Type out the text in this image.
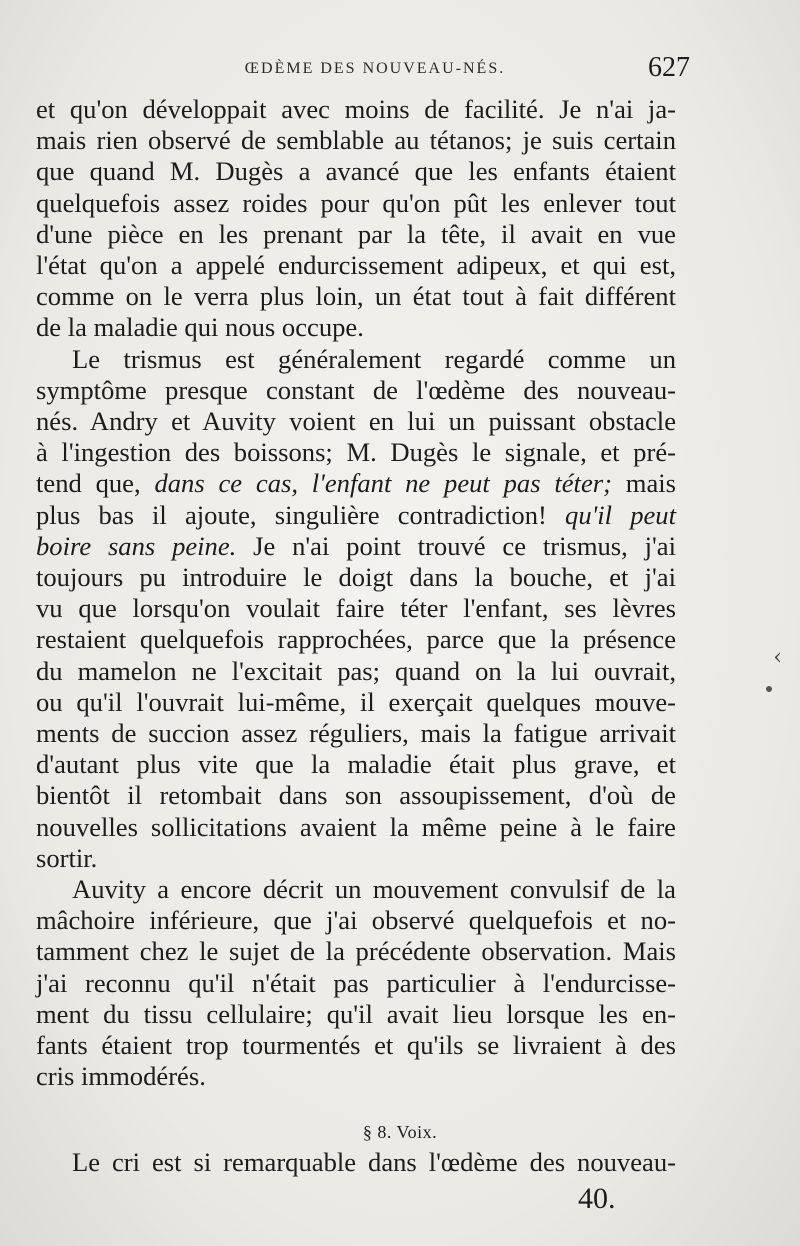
ŒDÈME DES NOUVEAU-NÉS.	627
et qu'on développait avec moins de facilité. Je n'ai ja-
mais rien observé de semblable au tétanos; je suis certain
que quand M. Dugès a avancé que les enfants étaient
quelquefois assez roides pour qu'on pût les enlever tout
d'une pièce en les prenant par la tête, il avait en vue
l'état qu'on a appelé endurcissement adipeux, et qui est,
comme on le verra plus loin, un état tout à fait différent
de la maladie qui nous occupe.
Le trismus est généralement regardé comme un
symptôme presque constant de l'œdème des nouveau-
nés. Andry et Auvity voient en lui un puissant obstacle
à l'ingestion des boissons; M. Dugès le signale, et pré-
tend que, dans ce cas, l'enfant ne peut pas téter; mais
plus bas il ajoute, singulière contradiction! qu'il peut
boire sans peine. Je n'ai point trouvé ce trismus, j'ai
toujours pu introduire le doigt dans la bouche, et j'ai
vu que lorsqu'on voulait faire téter l'enfant, ses lèvres
restaient quelquefois rapprochées, parce que la présence
du mamelon ne l'excitait pas; quand on la lui ouvrait,
ou qu'il l'ouvrait lui-même, il exerçait quelques mouve-
ments de succion assez réguliers, mais la fatigue arrivait
d'autant plus vite que la maladie était plus grave, et
bientôt il retombait dans son assoupissement, d'où de
nouvelles sollicitations avaient la même peine à le faire
sortir.
Auvity a encore décrit un mouvement convulsif de la
mâchoire inférieure, que j'ai observé quelquefois et no-
tamment chez le sujet de la précédente observation. Mais
j'ai reconnu qu'il n'était pas particulier à l'endurcisse-
ment du tissu cellulaire; qu'il avait lieu lorsque les en-
fants étaient trop tourmentés et qu'ils se livraient à des
cris immodérés.
§ 8. Voix.
Le cri est si remarquable dans l'œdème des nouveau-
40.
‹
